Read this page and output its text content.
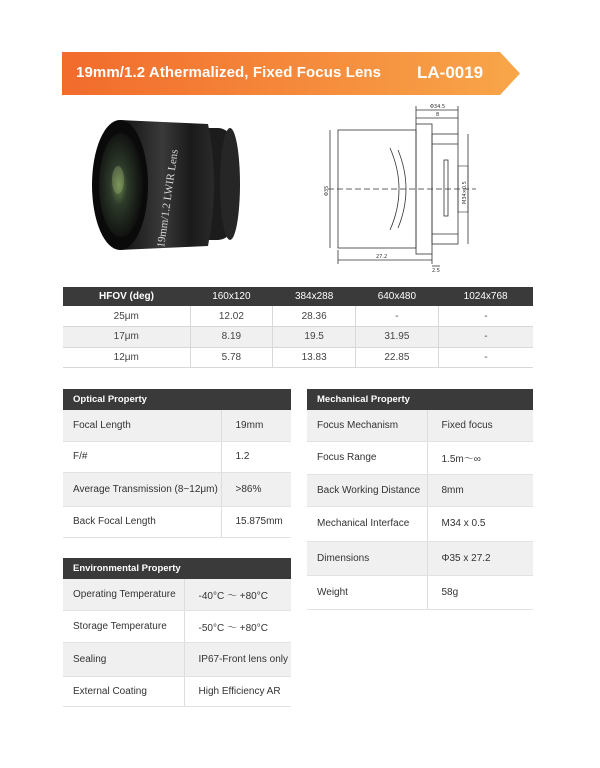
19mm/1.2 Athermalized, Fixed Focus Lens LA-0019
19mm/1.2 LWIR Lens
Φ34.5
8
Φ35	M34×0.5
27.2
2.5
HFOV (deg)	160x120	384x288	640x480	1024x768
25μm	12.02	28.36	-	-
17μm	8.19	19.5	31.95	-
12μm	5.78	13.83	22.85	-
Optical Property	
Focal Length	19mm
F/#	1.2
Average Transmission (8~12μm)	>86%
Back Focal Length	15.875mm
Mechanical Property	
Focus Mechanism	Fixed focus
Focus Range	1.5m～∞
Back Working Distance	8mm
Mechanical Interface	M34 x 0.5
Dimensions	Φ35 x 27.2
Weight	58g
Environmental Property	
Operating Temperature	-40°C ～ +80°C
Storage Temperature	-50°C ～ +80°C
Sealing	IP67-Front lens only
External Coating	High Efficiency AR
